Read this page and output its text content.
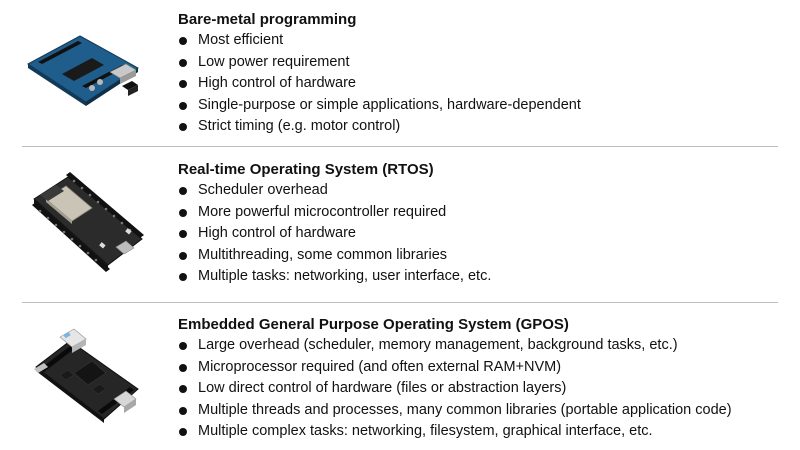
Bare-metal programming
Most efficient
Low power requirement
High control of hardware
Single-purpose or simple applications, hardware-dependent
Strict timing (e.g. motor control)
Real-time Operating System (RTOS)
Scheduler overhead
More powerful microcontroller required
High control of hardware
Multithreading, some common libraries
Multiple tasks: networking, user interface, etc.
Embedded General Purpose Operating System (GPOS)
Large overhead (scheduler, memory management, background tasks, etc.)
Microprocessor required (and often external RAM+NVM)
Low direct control of hardware (files or abstraction layers)
Multiple threads and processes, many common libraries (portable application code)
Multiple complex tasks: networking, filesystem, graphical interface, etc.
